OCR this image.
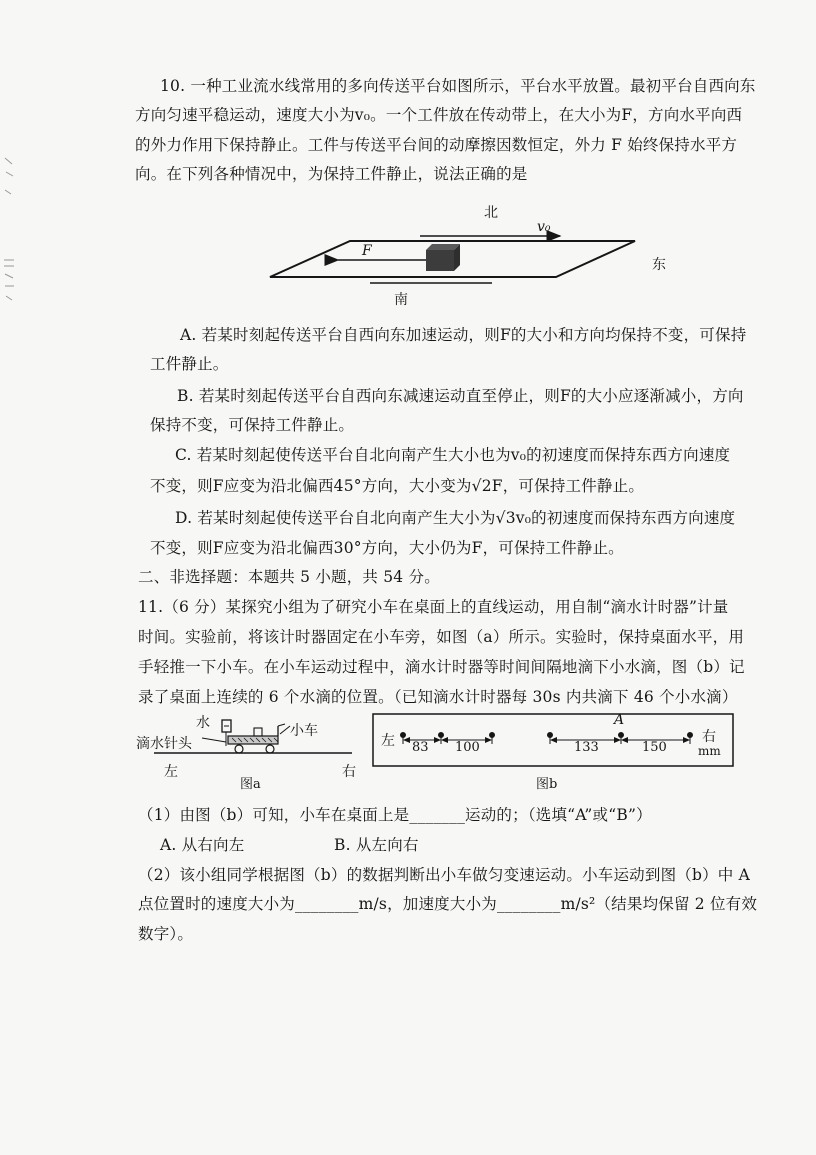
10. 一种工业流水线常用的多向传送平台如图所示，平台水平放置。最初平台自西向东
方向匀速平稳运动，速度大小为v₀。一个工件放在传动带上，在大小为F，方向水平向西
的外力作用下保持静止。工件与传送平台间的动摩擦因数恒定，外力 F 始终保持水平方
向。在下列各种情况中，为保持工件静止，说法正确的是
北
v₀
F
东
南
A. 若某时刻起传送平台自西向东加速运动，则F的大小和方向均保持不变，可保持
工件静止。
B. 若某时刻起传送平台自西向东减速运动直至停止，则F的大小应逐渐减小，方向
保持不变，可保持工件静止。
C. 若某时刻起使传送平台自北向南产生大小也为v₀的初速度而保持东西方向速度
不变，则F应变为沿北偏西45°方向，大小变为√2F，可保持工件静止。
D. 若某时刻起使传送平台自北向南产生大小为√3v₀的初速度而保持东西方向速度
不变，则F应变为沿北偏西30°方向，大小仍为F，可保持工件静止。
二、非选择题：本题共 5 小题，共 54 分。
11.（6 分）某探究小组为了研究小车在桌面上的直线运动，用自制“滴水计时器”计量
时间。实验前，将该计时器固定在小车旁，如图（a）所示。实验时，保持桌面水平，用
手轻推一下小车。在小车运动过程中，滴水计时器等时间间隔地滴下小水滴，图（b）记
录了桌面上连续的 6 个水滴的位置。（已知滴水计时器每 30s 内共滴下 46 个小水滴）
水
滴水针头
小车
左	右
图a
左 83 100
A
133	150
右
mm
图b
（1）由图（b）可知，小车在桌面上是_______运动的；（选填“A”或“B”）
A. 从右向左	B. 从左向右
（2）该小组同学根据图（b）的数据判断出小车做匀变速运动。小车运动到图（b）中 A
点位置时的速度大小为________m/s，加速度大小为________m/s²（结果均保留 2 位有效
数字）。
